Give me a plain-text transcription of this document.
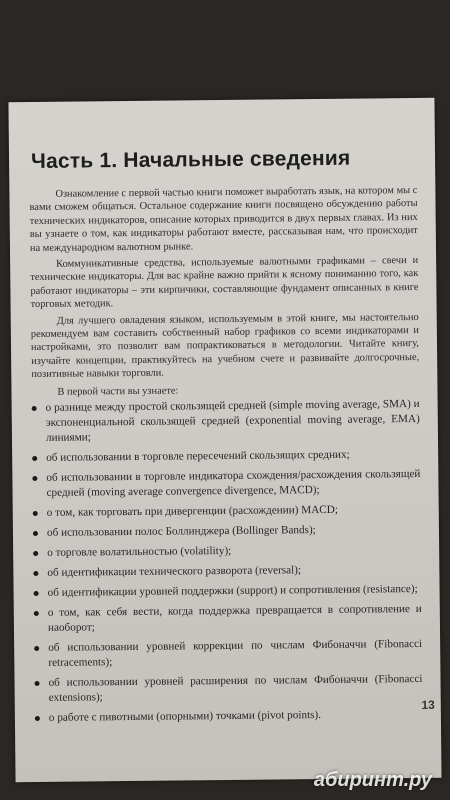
Часть 1. Начальные сведения

Ознакомление с первой частью книги поможет выработать язык, на котором мы с вами сможем общаться. Остальное содержание книги посвящено обсуждению работы технических индикаторов, описание которых приводится в двух первых главах. Из них вы узнаете о том, как индикаторы работают вместе, рассказывая нам, что происходит на международном валютном рынке.

Коммуникативные средства, используемые валютными графиками – свечи и технические индикаторы. Для вас крайне важно прийти к ясному пониманию того, как работают индикаторы – эти кирпичики, составляющие фундамент описанных в книге торговых методик.

Для лучшего овладения языком, используемым в этой книге, мы настоятельно рекомендуем вам составить собственный набор графиков со всеми индикаторами и настройками, это позволит вам попрактиковаться в методологии. Читайте книгу, изучайте концепции, практикуйтесь на учебном счете и развивайте долгосрочные, позитивные навыки торговли.

В первой части вы узнаете:

о разнице между простой скользящей средней (simple moving average, SMA) и экспоненциальной скользящей средней (exponential moving average, EMA) линиями;
об использовании в торговле пересечений скользящих средних;
об использовании в торговле индикатора схождения/расхождения скользящей средней (moving average convergence divergence, MACD);
о том, как торговать при дивергенции (расхождении) MACD;
об использовании полос Боллинджера (Bollinger Bands);
о торговле волатильностью (volatility);
об идентификации технического разворота (reversal);
об идентификации уровней поддержки (support) и сопротивления (resistance);
о том, как себя вести, когда поддержка превращается в сопротивление и наоборот;
об использовании уровней коррекции по числам Фибоначчи (Fibonacci retracements);
об использовании уровней расширения по числам Фибоначчи (Fibonacci extensions);
о работе с пивотными (опорными) точками (pivot points).
13
абиринт.ру
